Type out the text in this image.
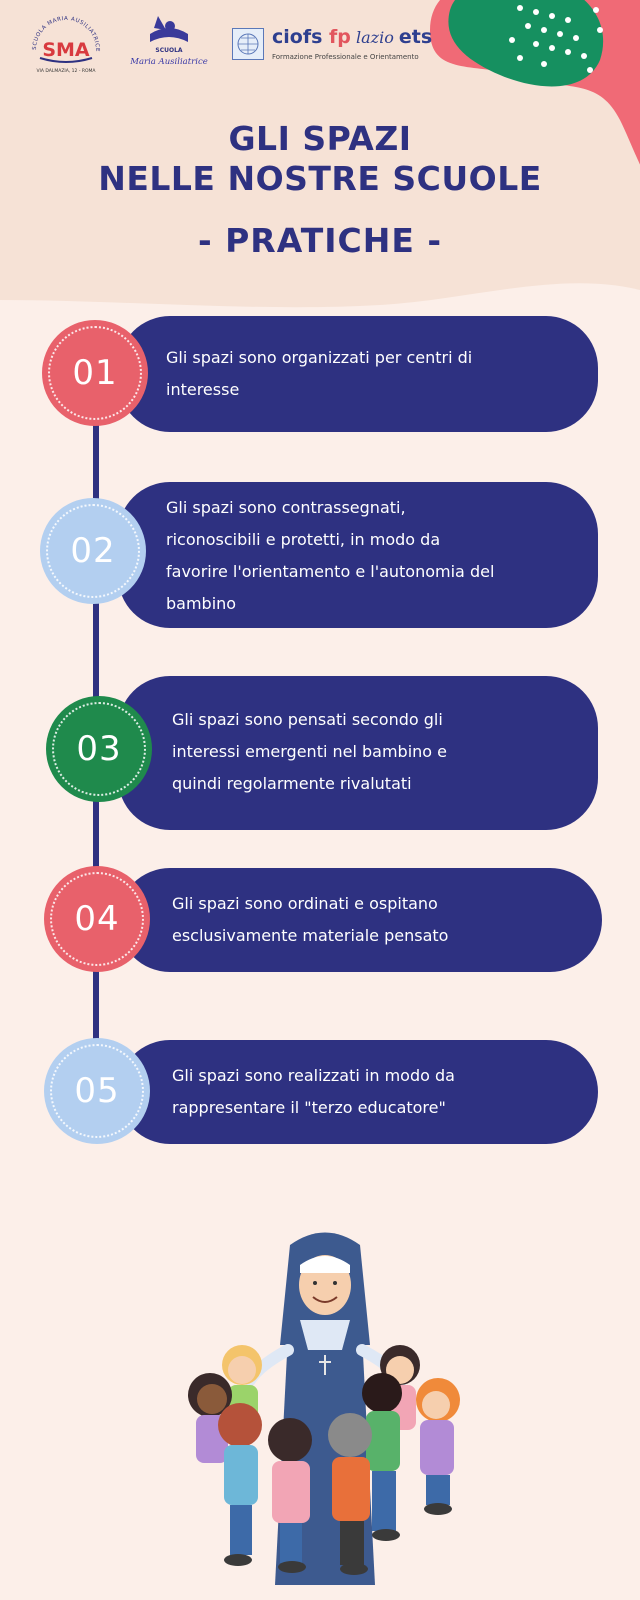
SCUOLA MARIA AUSILIATRICE
SMA
VIA DALMAZIA, 12 - ROMA
SCUOLA
Maria Ausiliatrice
ciofs fp lazio ets
Formazione Professionale e Orientamento
GLI SPAZI
NELLE NOSTRE SCUOLE
- PRATICHE -
Gli spazi sono organizzati per centri di
interesse
01
Gli spazi sono contrassegnati,
riconoscibili e protetti, in modo da
favorire l'orientamento e l'autonomia del
bambino
02
Gli spazi sono pensati secondo gli
interessi emergenti nel bambino e
quindi regolarmente rivalutati
03
Gli spazi sono ordinati e ospitano
esclusivamente materiale pensato
04
Gli spazi sono realizzati in modo da
rappresentare il "terzo educatore"
05
